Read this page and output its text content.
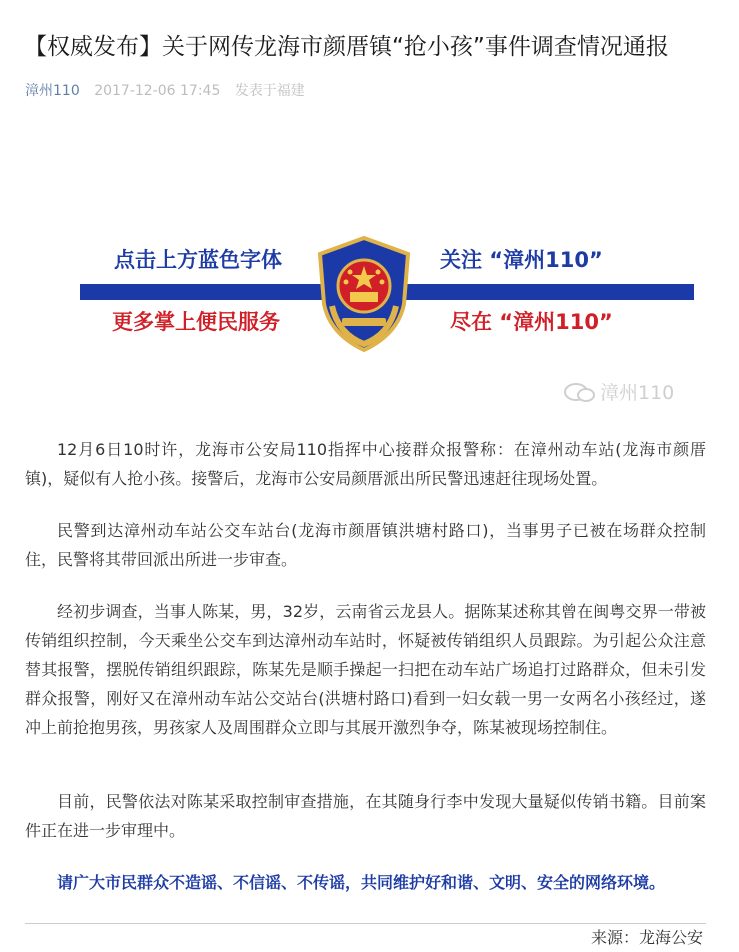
【权威发布】关于网传龙海市颜厝镇“抢小孩”事件调查情况通报
漳州110 2017-12-06 17:45 发表于福建
点击上方蓝色字体	关注 “漳州110”
更多掌上便民服务	尽在 “漳州110”
漳州110

12月6日10时许，龙海市公安局110指挥中心接群众报警称：在漳州动车站(龙海市颜厝镇)，疑似有人抢小孩。接警后，龙海市公安局颜厝派出所民警迅速赶往现场处置。

民警到达漳州动车站公交车站台(龙海市颜厝镇洪塘村路口)，当事男子已被在场群众控制住，民警将其带回派出所进一步审查。

经初步调查，当事人陈某，男，32岁，云南省云龙县人。据陈某述称其曾在闽粤交界一带被传销组织控制，今天乘坐公交车到达漳州动车站时，怀疑被传销组织人员跟踪。为引起公众注意替其报警，摆脱传销组织跟踪，陈某先是顺手操起一扫把在动车站广场追打过路群众，但未引发群众报警，刚好又在漳州动车站公交站台(洪塘村路口)看到一妇女载一男一女两名小孩经过，遂冲上前抢抱男孩，男孩家人及周围群众立即与其展开激烈争夺，陈某被现场控制住。

目前，民警依法对陈某采取控制审查措施，在其随身行李中发现大量疑似传销书籍。目前案件正在进一步审理中。

请广大市民群众不造谣、不信谣、不传谣，共同维护好和谐、文明、安全的网络环境。

来源：龙海公安
